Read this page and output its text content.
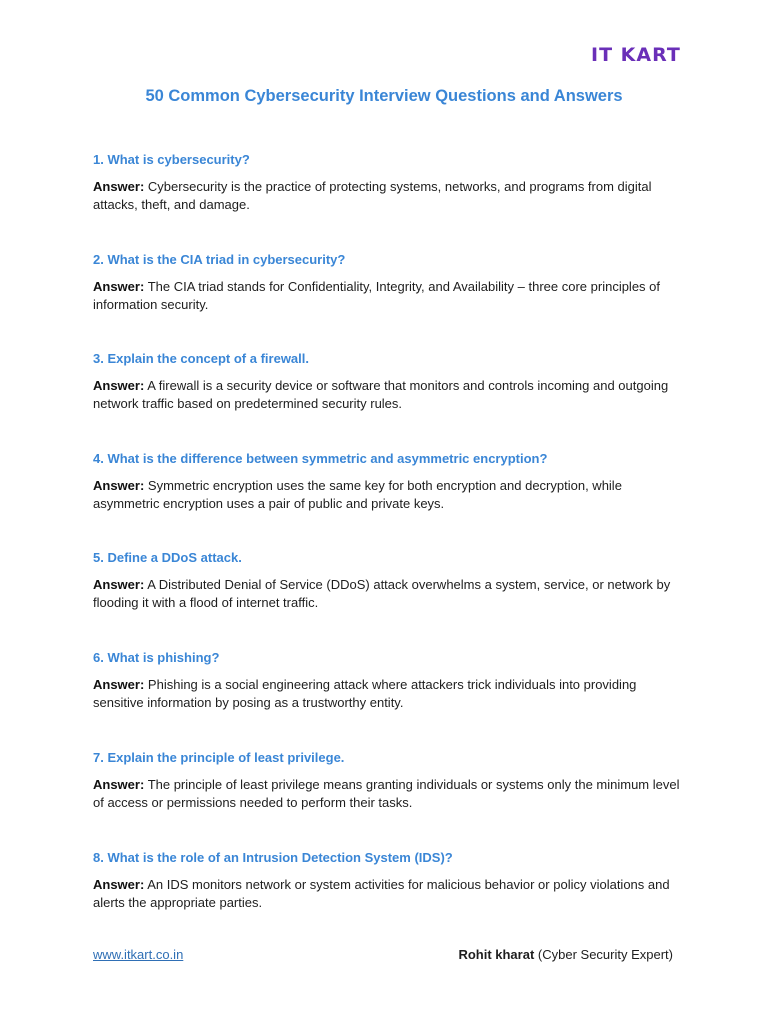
IT KART
50 Common Cybersecurity Interview Questions and Answers

1. What is cybersecurity?

Answer: Cybersecurity is the practice of protecting systems, networks, and programs from digital attacks, theft, and damage.

2. What is the CIA triad in cybersecurity?

Answer: The CIA triad stands for Confidentiality, Integrity, and Availability – three core principles of information security.

3. Explain the concept of a firewall.

Answer: A firewall is a security device or software that monitors and controls incoming and outgoing network traffic based on predetermined security rules.

4. What is the difference between symmetric and asymmetric encryption?

Answer: Symmetric encryption uses the same key for both encryption and decryption, while asymmetric encryption uses a pair of public and private keys.

5. Define a DDoS attack.

Answer: A Distributed Denial of Service (DDoS) attack overwhelms a system, service, or network by flooding it with a flood of internet traffic.

6. What is phishing?

Answer: Phishing is a social engineering attack where attackers trick individuals into providing sensitive information by posing as a trustworthy entity.

7. Explain the principle of least privilege.

Answer: The principle of least privilege means granting individuals or systems only the minimum level of access or permissions needed to perform their tasks.

8. What is the role of an Intrusion Detection System (IDS)?

Answer: An IDS monitors network or system activities for malicious behavior or policy violations and alerts the appropriate parties.

www.itkart.co.in	Rohit kharat (Cyber Security Expert)
